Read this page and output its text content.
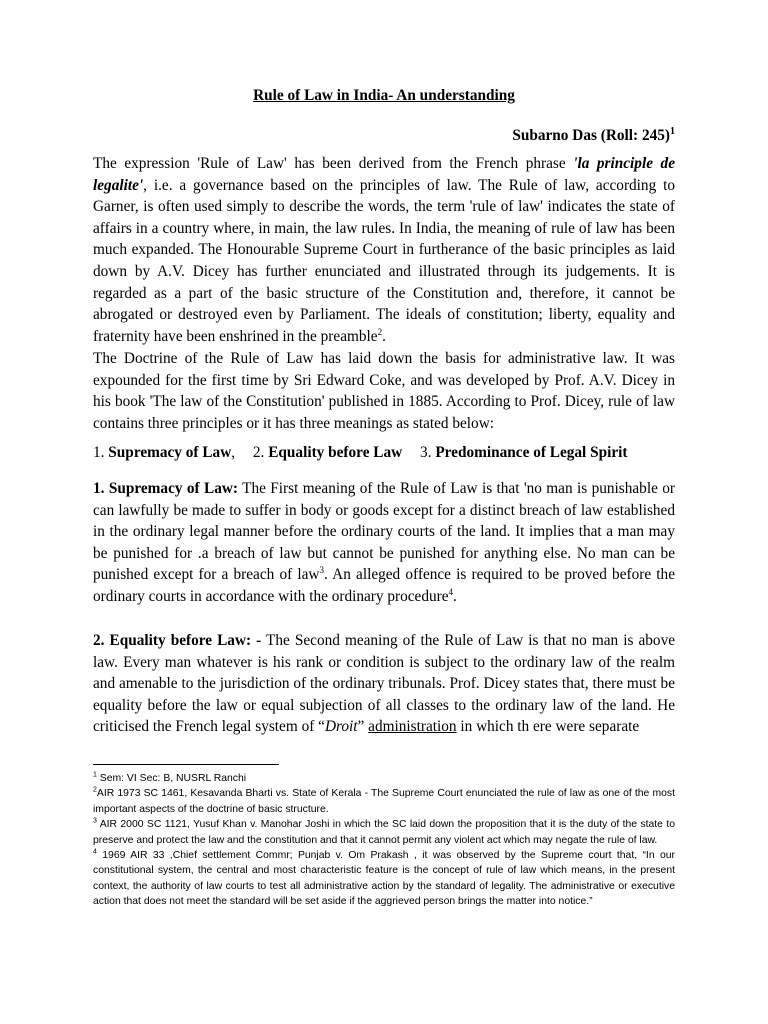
Rule of Law in India- An understanding
Subarno Das (Roll: 245)$^1$
The expression 'Rule of Law' has been derived from the French phrase 'la principle de legalite', i.e. a governance based on the principles of law. The Rule of law, according to Garner, is often used simply to describe the words, the term 'rule of law' indicates the state of affairs in a country where, in main, the law rules. In India, the meaning of rule of law has been much expanded. The Honourable Supreme Court in furtherance of the basic principles as laid down by A.V. Dicey has further enunciated and illustrated through its judgements. It is regarded as a part of the basic structure of the Constitution and, therefore, it cannot be abrogated or destroyed even by Parliament. The ideals of constitution; liberty, equality and fraternity have been enshrined in the preamble$^2$.
The Doctrine of the Rule of Law has laid down the basis for administrative law. It was expounded for the first time by Sri Edward Coke, and was developed by Prof. A.V. Dicey in his book 'The law of the Constitution' published in 1885. According to Prof. Dicey, rule of law contains three principles or it has three meanings as stated below:
1. Supremacy of Law, 2. Equality before Law 3. Predominance of Legal Spirit
1. Supremacy of Law: The First meaning of the Rule of Law is that 'no man is punishable or can lawfully be made to suffer in body or goods except for a distinct breach of law established in the ordinary legal manner before the ordinary courts of the land. It implies that a man may be punished for .a breach of law but cannot be punished for anything else. No man can be punished except for a breach of law$^3$. An alleged offence is required to be proved before the ordinary courts in accordance with the ordinary procedure$^4$.
2. Equality before Law: - The Second meaning of the Rule of Law is that no man is above law. Every man whatever is his rank or condition is subject to the ordinary law of the realm and amenable to the jurisdiction of the ordinary tribunals. Prof. Dicey states that, there must be equality before the law or equal subjection of all classes to the ordinary law of the land. He criticised the French legal system of “Droit” administration in which th ere were separate

$^1$ Sem: VI Sec: B, NUSRL Ranchi

$^2$AIR 1973 SC 1461, Kesavanda Bharti vs. State of Kerala - The Supreme Court enunciated the rule of law as one of the most important aspects of the doctrine of basic structure.

$^3$ AIR 2000 SC 1121, Yusuf Khan v. Manohar Joshi in which the SC laid down the proposition that it is the duty of the state to preserve and protect the law and the constitution and that it cannot permit any violent act which may negate the rule of law.

$^4$ 1969 AIR 33 ,Chief settlement Commr; Punjab v. Om Prakash , it was observed by the Supreme court that, “In our constitutional system, the central and most characteristic feature is the concept of rule of law which means, in the present context, the authority of law courts to test all administrative action by the standard of legality. The administrative or executive action that does not meet the standard will be set aside if the aggrieved person brings the matter into notice.”
